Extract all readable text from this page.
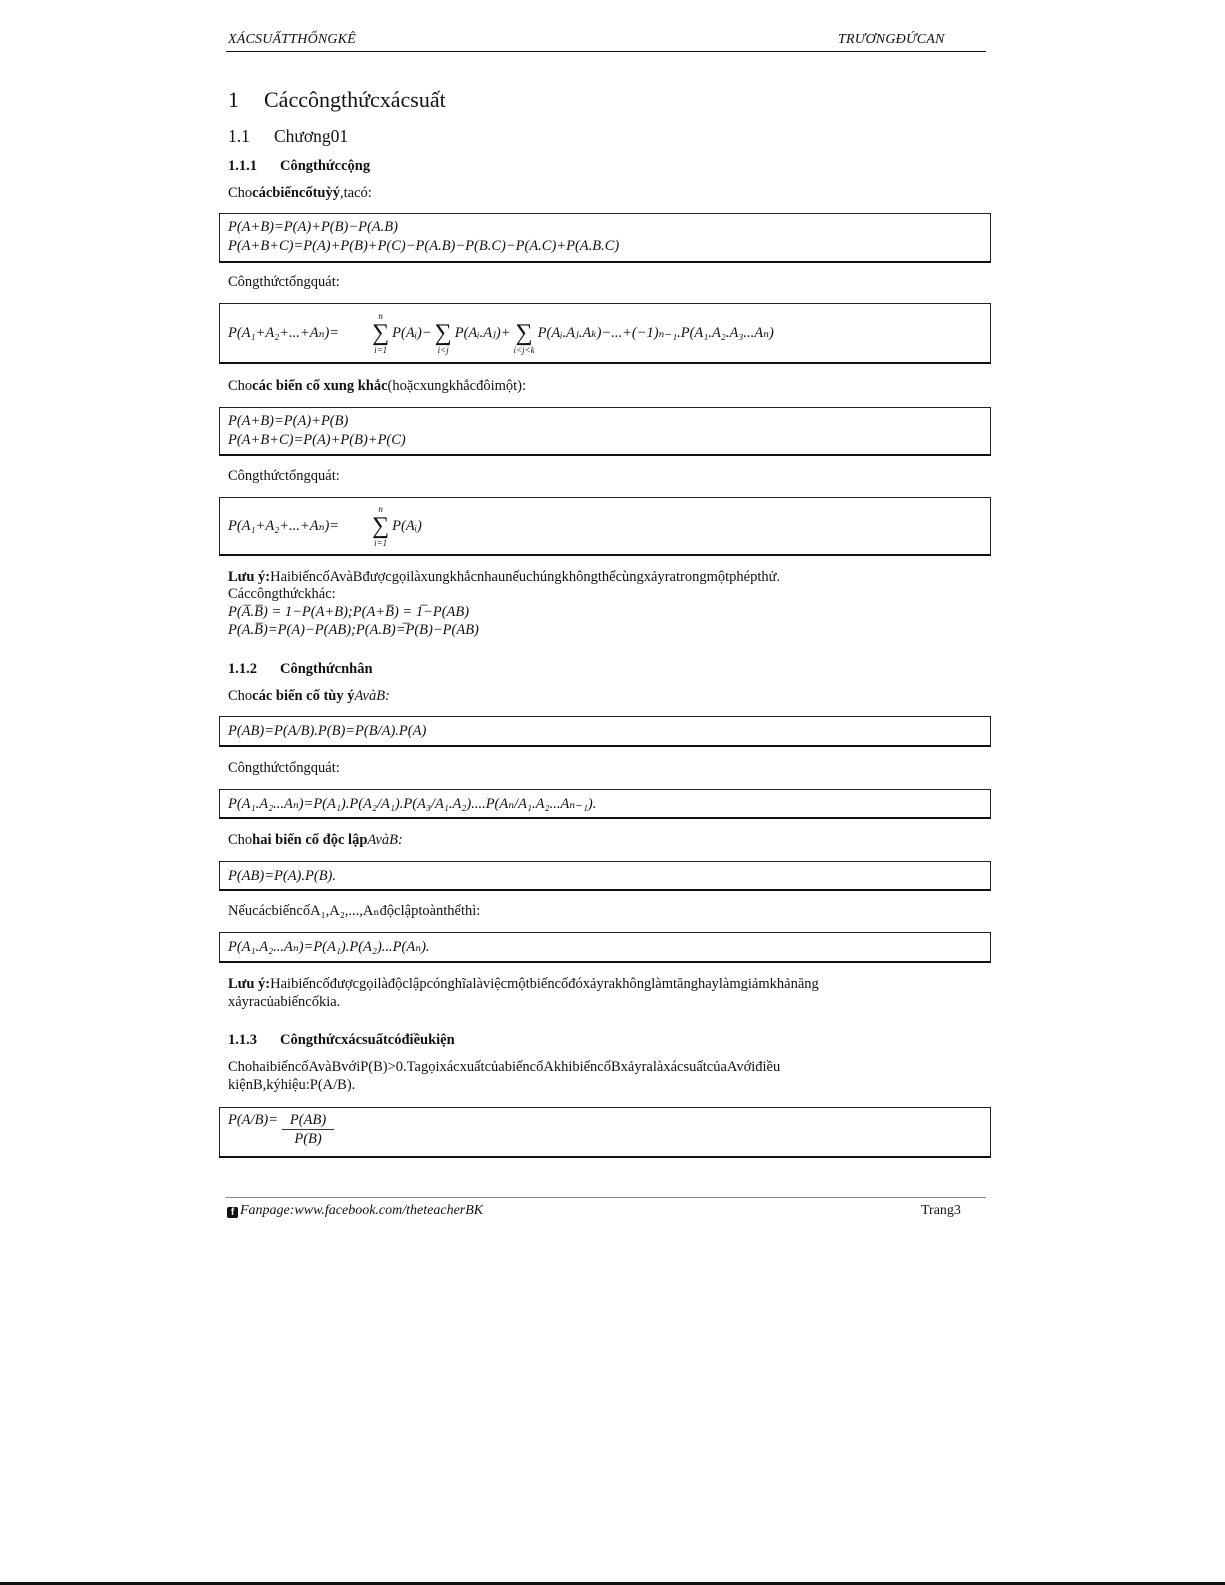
XÁCSUẤTTHỐNGKÊ	TRƯƠNGĐỨCAN
1 Cáccôngthứcxácsuất
1.1 Chương01
1.1.1 Côngthứccộng
Chocácbiếncốtuỳý,tacó:
P(A+B)=P(A)+P(B)−P(A.B)
P(A+B+C)=P(A)+P(B)+P(C)−P(A.B)−P(B.C)−P(A.C)+P(A.B.C)
Côngthứctổngquát:
P(A₁+A₂+...+Aₙ)=
n
∑
i=1
P(Aᵢ)− ∑
i<j
P(Aᵢ.Aⱼ)+ ∑
i<j<k
P(Aᵢ.Aⱼ.Aₖ)−...+(−1)ₙ₋₁.P(A₁.A₂.A₃...Aₙ)
Chocác biến cố xung khắc(hoặcxungkhắcđôimột):
P(A+B)=P(A)+P(B)
P(A+B+C)=P(A)+P(B)+P(C)
Côngthứctổngquát:
P(A₁+A₂+...+Aₙ)=
n
∑
i=1
P(Aᵢ)
Lưu ý:HaibiếncốAvàBđượcgọilàxungkhắcnhaunếuchúngkhôngthểcùngxảyratrongmộtphépthử.
Cáccôngthứckhác:
P(A̅.B̅) = 1−P(A+B);P(A+B̅) = 1̅−P(AB)
P(A.B̅)=P(A)−P(AB);P(A.B)=̅P(B)−P(AB)
1.1.2 Côngthứcnhân
Chocác biến cố tùy ýAvàB:
P(AB)=P(A/B).P(B)=P(B/A).P(A)
Côngthứctổngquát:
P(A₁.A₂...Aₙ)=P(A₁).P(A₂/A₁).P(A₃/A₁.A₂)....P(Aₙ/A₁.A₂...Aₙ₋₁).
Chohai biến cố độc lậpAvàB:
P(AB)=P(A).P(B).
NếucácbiếncốA₁,A₂,...,Aₙđộclậptoànthểthì:
P(A₁.A₂...Aₙ)=P(A₁).P(A₂)...P(Aₙ).
Lưu ý:Haibiếncốđượcgọilàđộclậpcónghĩalàviệcmộtbiếncốđóxảyrakhônglàmtănghaylàmgiảmkhảnăng
xảyracủabiếncốkia.
1.1.3 Côngthứcxácsuấtcóđiềukiện
ChohaibiếncốAvàBvớiP(B)>0.TagọixácxuấtcủabiếncốAkhibiếncốBxảyralàxácsuấtcủaAvớiđiều
kiệnB,kýhiệu:P(A/B).
$P(A/B)= \frac{P(AB)}{P(B)}$
f Fanpage:www.facebook.com/theteacherBK	Trang3
